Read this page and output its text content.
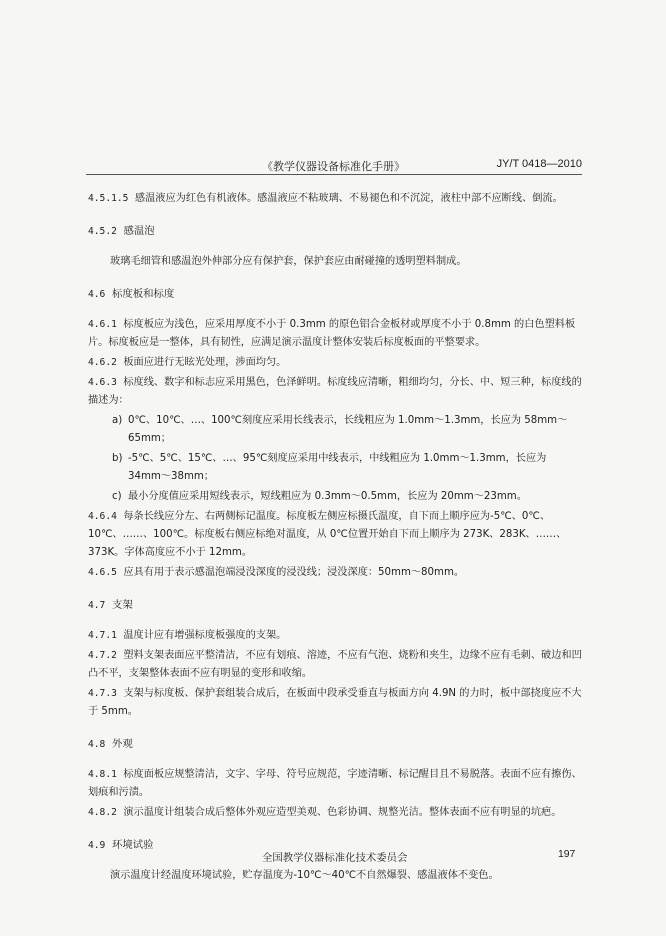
《教学仪器设备标准化手册》	JY/T 0418—2010

4.5.1.5 感温液应为红色有机液体。感温液应不粘玻璃、不易褪色和不沉淀，液柱中部不应断线、倒流。

4.5.2 感温泡

玻璃毛细管和感温泡外伸部分应有保护套，保护套应由耐碰撞的透明塑料制成。

4.6 标度板和标度

4.6.1 标度板应为浅色，应采用厚度不小于 0.3mm 的原色铝合金板材或厚度不小于 0.8mm 的白色塑料板片。标度板应是一整体，具有韧性，应满足演示温度计整体安装后标度板面的平整要求。

4.6.2 板面应进行无眩光处理，涉面均匀。

4.6.3 标度线、数字和标志应采用黑色，色泽鲜明。标度线应清晰，粗细均匀，分长、中、短三种，标度线的描述为：

a) 0℃、10℃、…、100℃刻度应采用长线表示，长线粗应为 1.0mm～1.3mm，长应为 58mm～65mm；

b) -5℃、5℃、15℃、…、95℃刻度应采用中线表示，中线粗应为 1.0mm～1.3mm，长应为 34mm～38mm；

c) 最小分度值应采用短线表示，短线粗应为 0.3mm～0.5mm，长应为 20mm～23mm。

4.6.4 每条长线应分左、右两侧标记温度。标度板左侧应标摄氏温度，自下而上顺序应为-5℃、0℃、10℃、……、100℃。标度板右侧应标绝对温度，从 0℃位置开始自下而上顺序为 273K、283K、……、373K。字体高度应不小于 12mm。

4.6.5 应具有用于表示感温泡端浸没深度的浸没线；浸没深度：50mm～80mm。

4.7 支架

4.7.1 温度计应有增强标度板强度的支架。

4.7.2 塑料支架表面应平整清洁，不应有划痕、溶迹，不应有气泡、烧粉和夹生，边缘不应有毛刺、破边和凹凸不平，支架整体表面不应有明显的变形和收缩。

4.7.3 支架与标度板、保护套组装合成后，在板面中段承受垂直与板面方向 4.9N 的力时，板中部挠度应不大于 5mm。

4.8 外观

4.8.1 标度面板应规整清洁，文字、字母、符号应规范，字迹清晰、标记醒目且不易脱落。表面不应有擦伤、划痕和污渍。

4.8.2 演示温度计组装合成后整体外观应造型美观、色彩协调、规整光洁。整体表面不应有明显的坑疤。

4.9 环境试验

演示温度计经温度环境试验，贮存温度为-10℃～40℃不自然爆裂、感温液体不变色。

全国教学仪器标准化技术委员会	197
